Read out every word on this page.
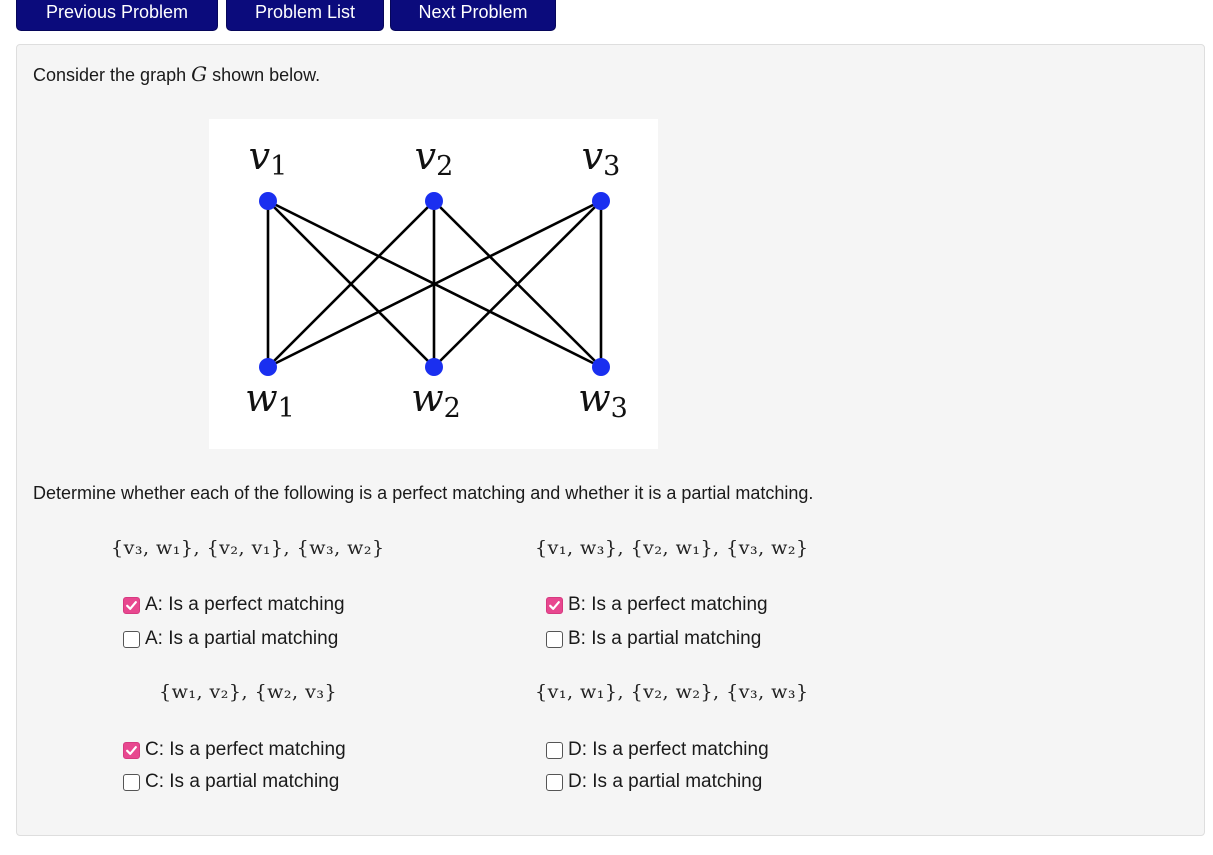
Previous Problem	Problem List	Next Problem
Consider the graph G shown below.
v1
w1
v2
w2
v3
w3
Determine whether each of the following is a perfect matching and whether it is a partial matching.
{v₃, w₁}, {v₂, v₁}, {w₃, w₂}	{v₁, w₃}, {v₂, w₁}, {v₃, w₂}
{w₁, v₂}, {w₂, v₃}	{v₁, w₁}, {v₂, w₂}, {v₃, w₃}
A: Is a perfect matching
A: Is a partial matching
B: Is a perfect matching
B: Is a partial matching
C: Is a perfect matching
C: Is a partial matching
D: Is a perfect matching
D: Is a partial matching
